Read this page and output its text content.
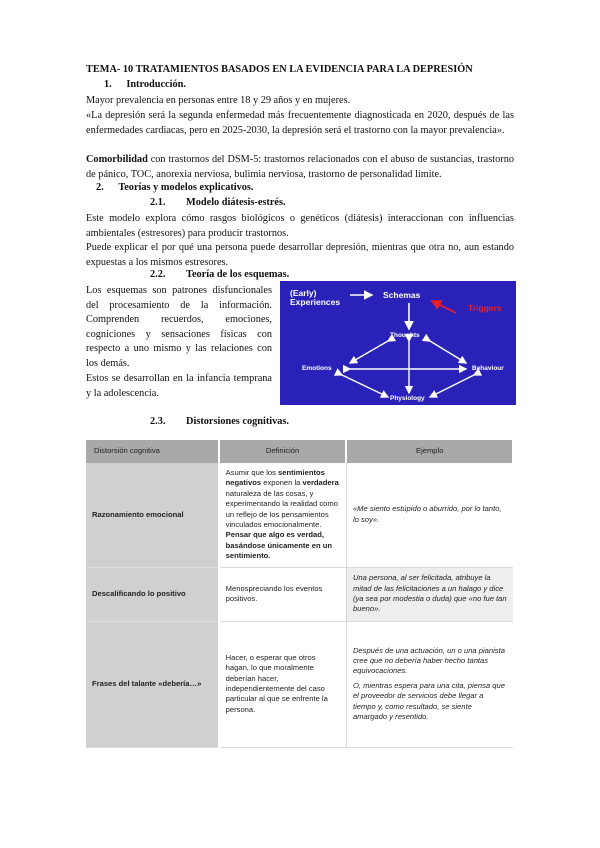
TEMA- 10 TRATAMIENTOS BASADOS EN LA EVIDENCIA PARA LA DEPRESIÓN
1. Introducción.
Mayor prevalencia en personas entre 18 y 29 años y en mujeres.
«La depresión será la segunda enfermedad más frecuentemente diagnosticada en 2020, después de las enfermedades cardiacas, pero en 2025-2030, la depresión será el trastorno con la mayor prevalencia».
Comorbilidad con trastornos del DSM-5: trastornos relacionados con el abuso de sustancias, trastorno de pánico, TOC, anorexia nerviosa, bulimia nerviosa, trastorno de personalidad límite.
2. Teorías y modelos explicativos.
2.1. Modelo diátesis-estrés.
Este modelo explora cómo rasgos biológicos o genéticos (diátesis) interaccionan con influencias ambientales (estresores) para producir trastornos.
Puede explicar el por qué una persona puede desarrollar depresión, mientras que otra no, aun estando expuestas a los mismos estresores.
2.2. Teoría de los esquemas.
Los esquemas son patrones disfuncionales del procesamiento de la información. Comprenden recuerdos, emociones, cogniciones y sensaciones físicas con respecto a uno mismo y las relaciones con los demás.
Estos se desarrollan en la infancia temprana y la adolescencia.
(Early)
Experiences
Schemas
Triggers
Thoughts
Emotions	Behaviour
Physiology
2.3. Distorsiones cognitivas.
Distorsión cognitiva	Definición	Ejemplo
Razonamiento emocional	Asumir que los sentimientos negativos exponen la verdadera naturaleza de las cosas, y experimentando la realidad como un reflejo de los pensamientos vinculados emocionalmente. Pensar que algo es verdad, basándose únicamente en un sentimiento.	«Me siento estúpido o aburrido, por lo tanto, lo soy».
Descalificando lo positivo	Menospreciando los eventos positivos.	Una persona, al ser felicitada, atribuye la mitad de las felicitaciones a un halago y dice (ya sea por modestia o duda) que «no fue tan bueno».
Frases del talante «debería…»	Hacer, o esperar que otros hagan, lo que moralmente deberían hacer, independientemente del caso particular al que se enfrente la persona.	Después de una actuación, un o una pianista cree que no debería haber hecho tantas equivocaciones.
O, mientras espera para una cita, piensa que el proveedor de servicios debe llegar a tiempo y, como resultado, se siente amargado y resentido.
